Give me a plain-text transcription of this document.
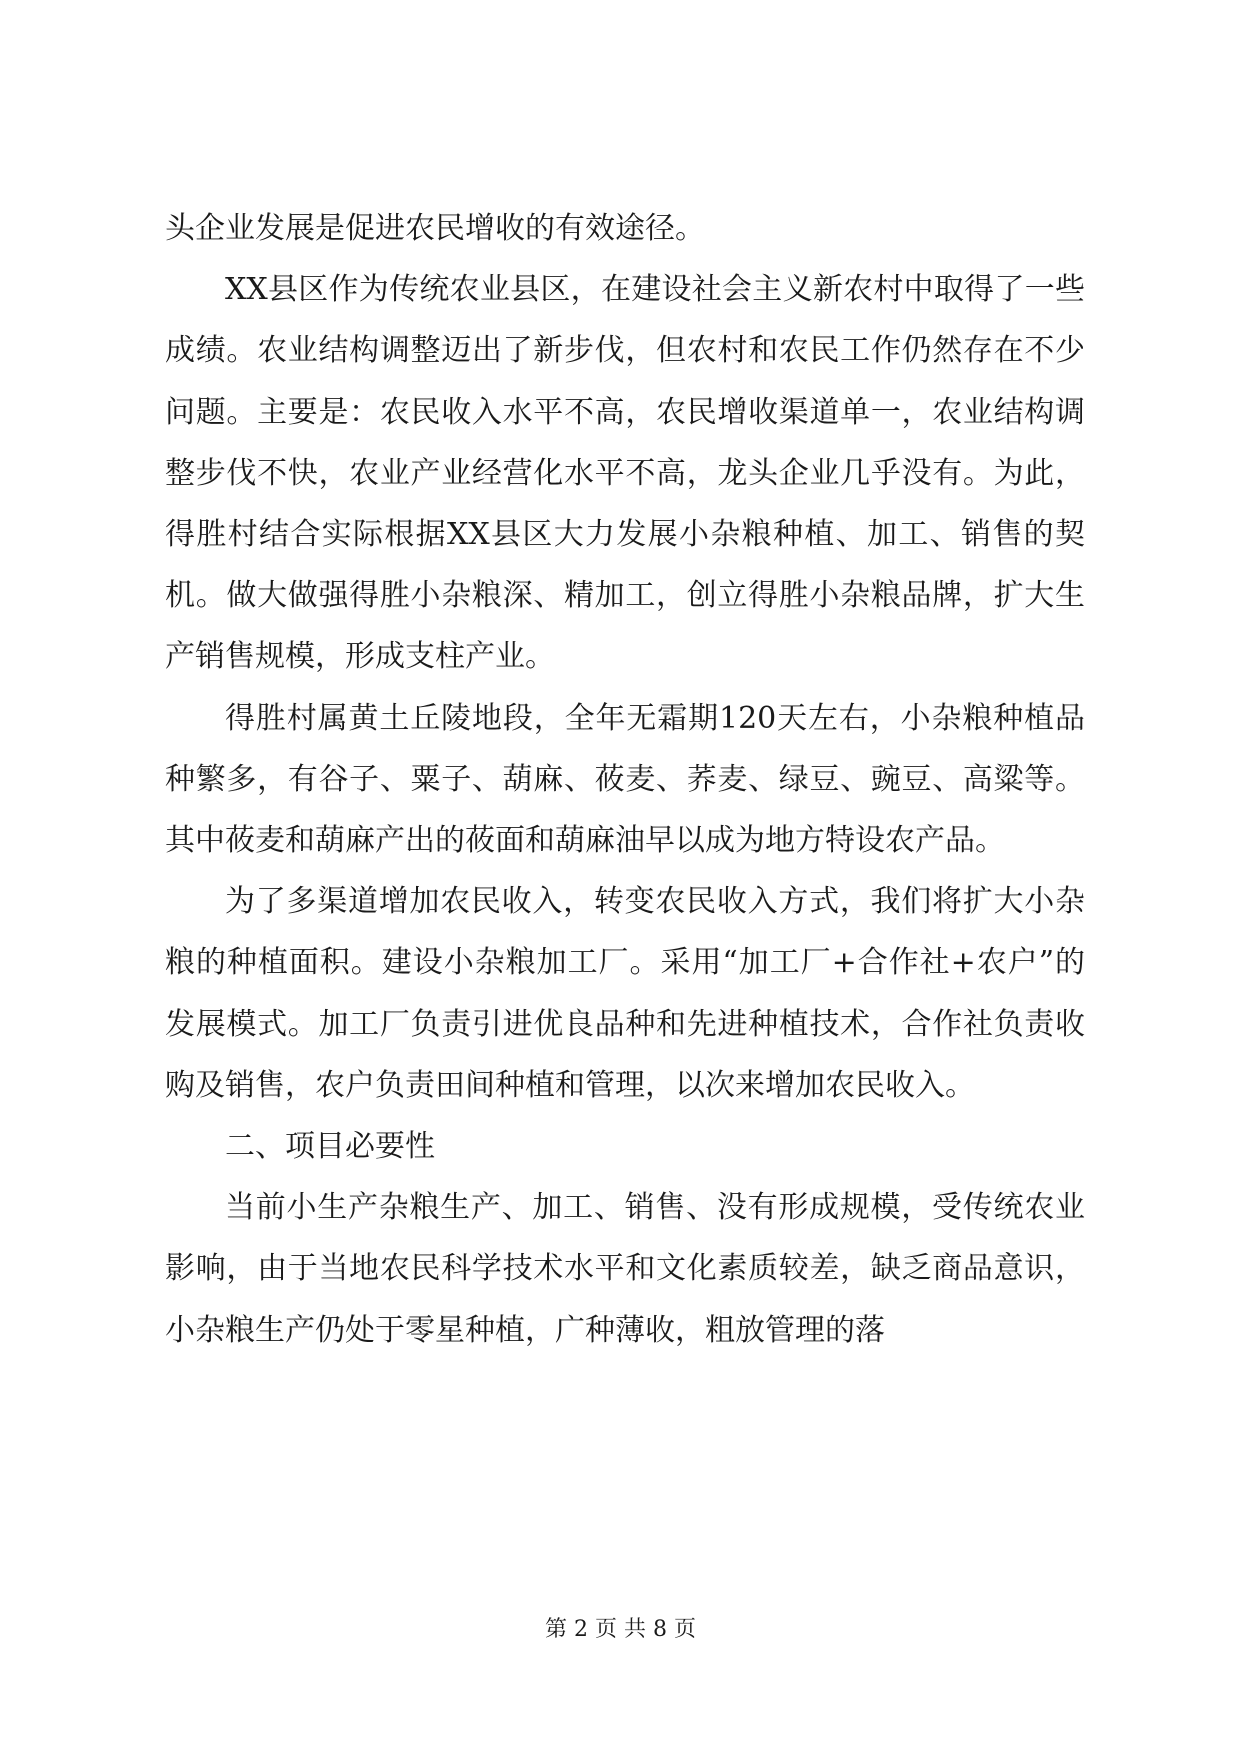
头企业发展是促进农民增收的有效途径。

XX县区作为传统农业县区，在建设社会主义新农村中取得了一些成绩。农业结构调整迈出了新步伐，但农村和农民工作仍然存在不少问题。主要是：农民收入水平不高，农民增收渠道单一，农业结构调整步伐不快，农业产业经营化水平不高，龙头企业几乎没有。为此，得胜村结合实际根据XX县区大力发展小杂粮种植、加工、销售的契机。做大做强得胜小杂粮深、精加工，创立得胜小杂粮品牌，扩大生产销售规模，形成支柱产业。

得胜村属黄土丘陵地段，全年无霜期120天左右，小杂粮种植品种繁多，有谷子、粟子、葫麻、莜麦、荞麦、绿豆、豌豆、高粱等。其中莜麦和葫麻产出的莜面和葫麻油早以成为地方特设农产品。

为了多渠道增加农民收入，转变农民收入方式，我们将扩大小杂粮的种植面积。建设小杂粮加工厂。采用“加工厂+合作社+农户”的发展模式。加工厂负责引进优良品种和先进种植技术，合作社负责收购及销售，农户负责田间种植和管理，以次来增加农民收入。

二、项目必要性

当前小生产杂粮生产、加工、销售、没有形成规模，受传统农业影响，由于当地农民科学技术水平和文化素质较差，缺乏商品意识，小杂粮生产仍处于零星种植，广种薄收，粗放管理的落

第 2 页 共 8 页
